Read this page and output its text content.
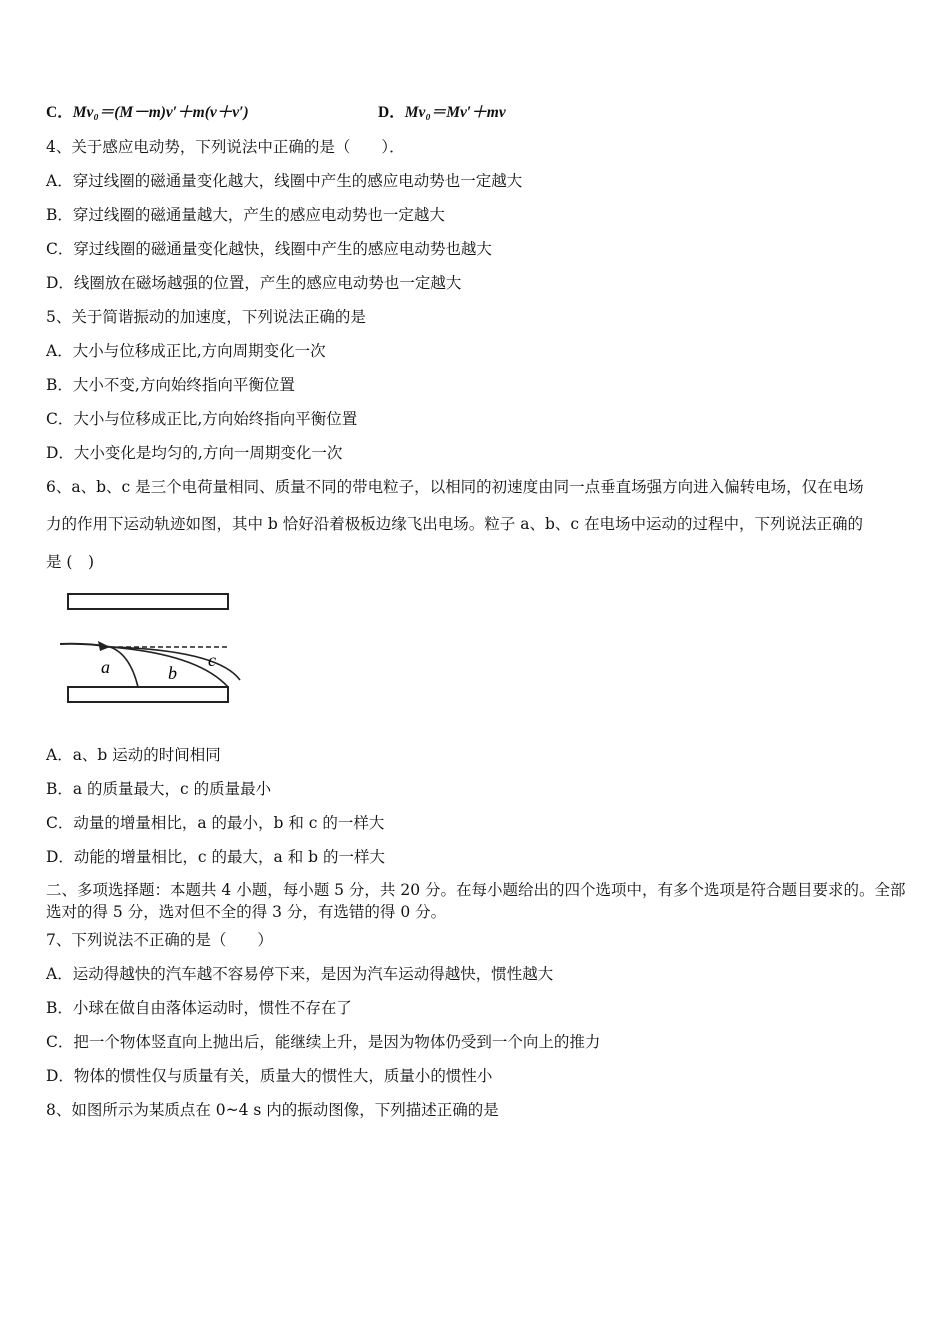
C．Mv₀＝(M－m)v′＋m(v＋v′)	D．Mv₀＝Mv′＋mv
4、关于感应电动势，下列说法中正确的是（　　）．
A．穿过线圈的磁通量变化越大，线圈中产生的感应电动势也一定越大
B．穿过线圈的磁通量越大，产生的感应电动势也一定越大
C．穿过线圈的磁通量变化越快，线圈中产生的感应电动势也越大
D．线圈放在磁场越强的位置，产生的感应电动势也一定越大
5、关于简谐振动的加速度，下列说法正确的是
A．大小与位移成正比,方向周期变化一次
B．大小不变,方向始终指向平衡位置
C．大小与位移成正比,方向始终指向平衡位置
D．大小变化是均匀的,方向一周期变化一次
6、a、b、c 是三个电荷量相同、质量不同的带电粒子，以相同的初速度由同一点垂直场强方向进入偏转电场，仅在电场
力的作用下运动轨迹如图，其中 b 恰好沿着极板边缘飞出电场。粒子 a、b、c 在电场中运动的过程中，下列说法正确的
是 (　)
a	b
c
A．a、b 运动的时间相同
B．a 的质量最大，c 的质量最小
C．动量的增量相比，a 的最小，b 和 c 的一样大
D．动能的增量相比，c 的最大，a 和 b 的一样大
二、多项选择题：本题共 4 小题，每小题 5 分，共 20 分。在每小题给出的四个选项中，有多个选项是符合题目要求的。全部选对的得 5 分，选对但不全的得 3 分，有选错的得 0 分。
7、下列说法不正确的是（　　）
A．运动得越快的汽车越不容易停下来，是因为汽车运动得越快，惯性越大
B．小球在做自由落体运动时，惯性不存在了
C．把一个物体竖直向上抛出后，能继续上升，是因为物体仍受到一个向上的推力
D．物体的惯性仅与质量有关，质量大的惯性大，质量小的惯性小
8、如图所示为某质点在 0~4 s 内的振动图像，下列描述正确的是
